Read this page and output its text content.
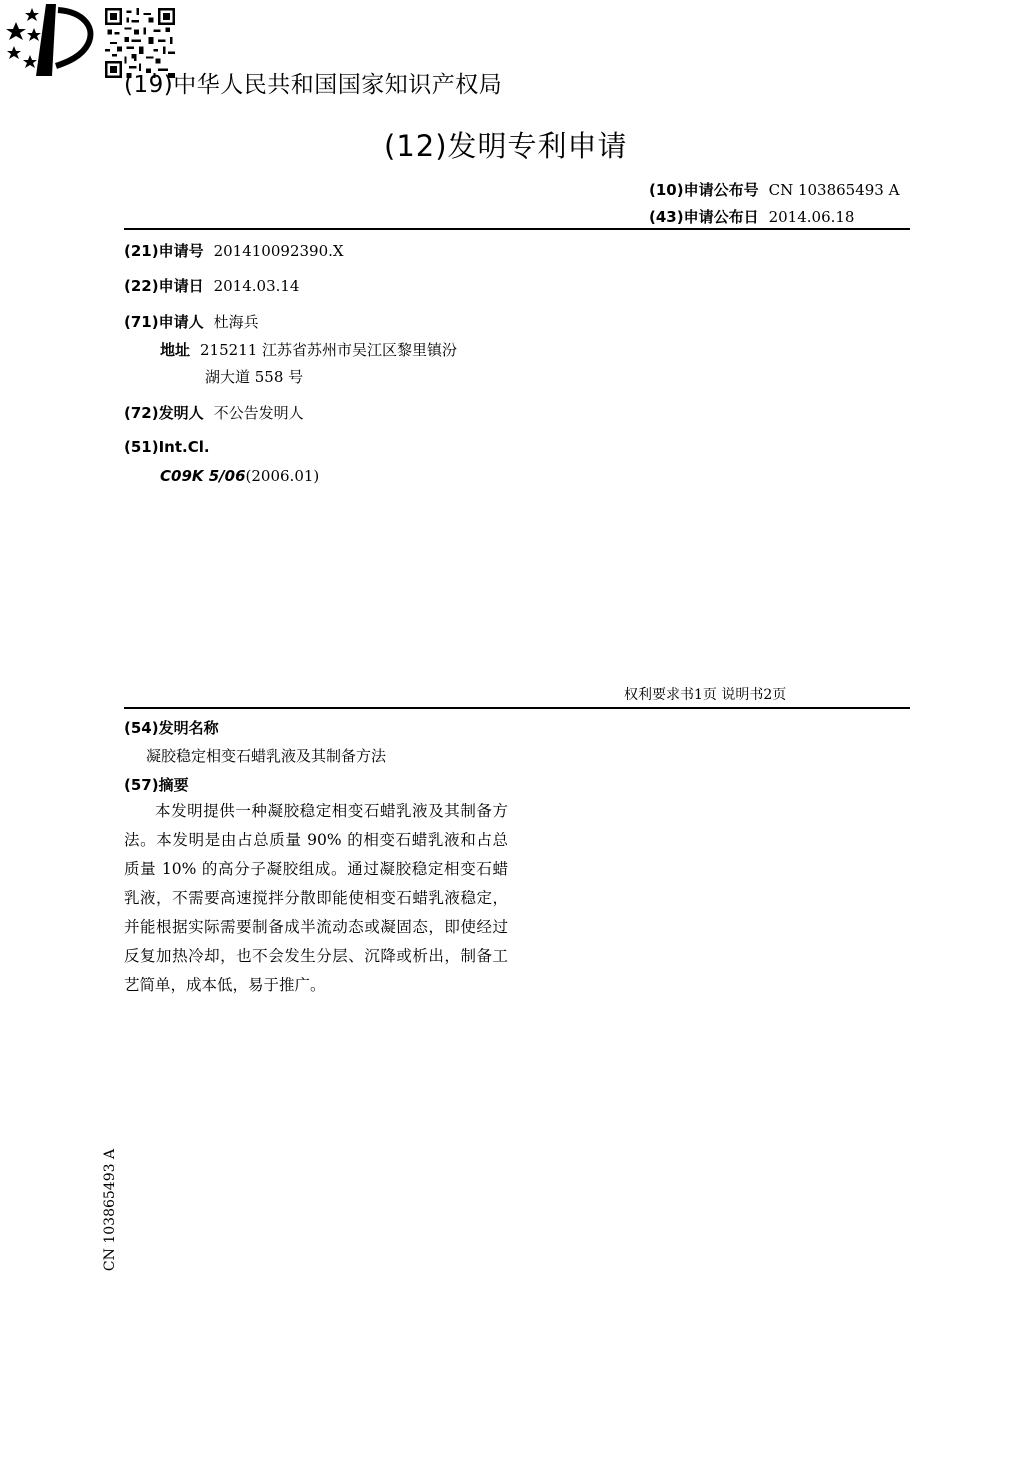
(19)中华人民共和国国家知识产权局

(12)发明专利申请
(10)申请公布号 CN 103865493 A
(43)申请公布日 2014.06.18
(21)申请号 201410092390.X
(22)申请日 2014.03.14
(71)申请人 杜海兵
地址 215211 江苏省苏州市吴江区黎里镇汾
湖大道 558 号
(72)发明人 不公告发明人
(51)Int.Cl.
C09K 5/06(2006.01)
权利要求书1页 说明书2页
(54)发明名称
凝胶稳定相变石蜡乳液及其制备方法
(57)摘要

本发明提供一种凝胶稳定相变石蜡乳液及其制备方法。本发明是由占总质量 90% 的相变石蜡乳液和占总质量 10% 的高分子凝胶组成。通过凝胶稳定相变石蜡乳液，不需要高速搅拌分散即能使相变石蜡乳液稳定，并能根据实际需要制备成半流动态或凝固态，即使经过反复加热冷却，也不会发生分层、沉降或析出，制备工艺简单，成本低，易于推广。

CN 103865493 A
